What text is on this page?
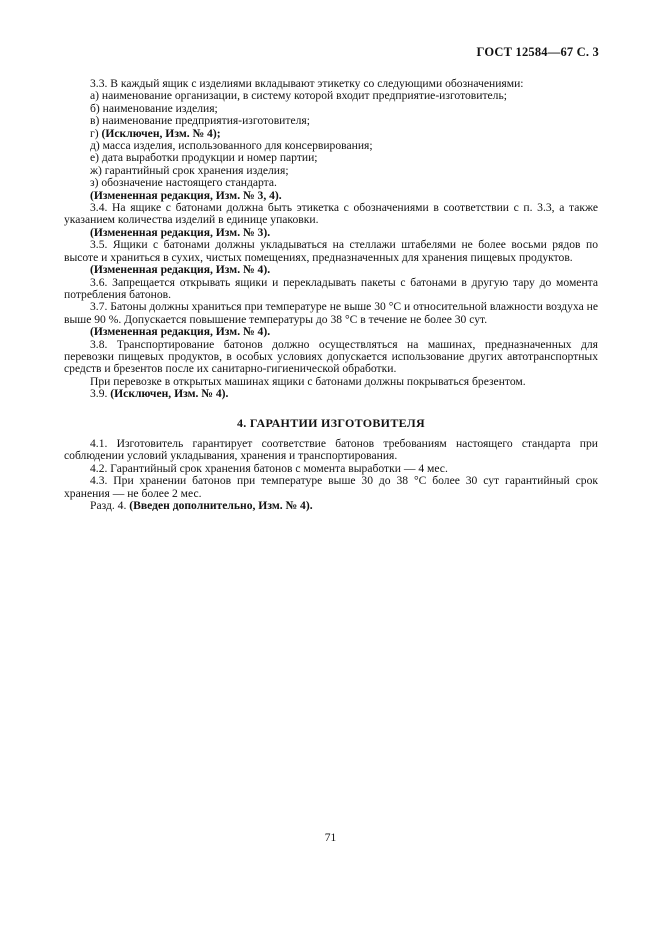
ГОСТ 12584—67 С. 3

3.3. В каждый ящик с изделиями вкладывают этикетку со следующими обозначениями:

а) наименование организации, в систему которой входит предприятие-изготовитель;

б) наименование изделия;

в) наименование предприятия-изготовителя;

г) (Исключен, Изм. № 4);

д) масса изделия, использованного для консервирования;

е) дата выработки продукции и номер партии;

ж) гарантийный срок хранения изделия;

з) обозначение настоящего стандарта.

(Измененная редакция, Изм. № 3, 4).

3.4. На ящике с батонами должна быть этикетка с обозначениями в соответствии с п. 3.3, а также указанием количества изделий в единице упаковки.

(Измененная редакция, Изм. № 3).

3.5. Ящики с батонами должны укладываться на стеллажи штабелями не более восьми рядов по высоте и храниться в сухих, чистых помещениях, предназначенных для хранения пищевых продуктов.

(Измененная редакция, Изм. № 4).

3.6. Запрещается открывать ящики и перекладывать пакеты с батонами в другую тару до момента потребления батонов.

3.7. Батоны должны храниться при температуре не выше 30 °С и относительной влажности воздуха не выше 90 %. Допускается повышение температуры до 38 °С в течение не более 30 сут.

(Измененная редакция, Изм. № 4).

3.8. Транспортирование батонов должно осуществляться на машинах, предназначенных для перевозки пищевых продуктов, в особых условиях допускается использование других автотранспортных средств и брезентов после их санитарно-гигиенической обработки.

При перевозке в открытых машинах ящики с батонами должны покрываться брезентом.

3.9. (Исключен, Изм. № 4).

4. ГАРАНТИИ ИЗГОТОВИТЕЛЯ

4.1. Изготовитель гарантирует соответствие батонов требованиям настоящего стандарта при соблюдении условий укладывания, хранения и транспортирования.

4.2. Гарантийный срок хранения батонов с момента выработки — 4 мес.

4.3. При хранении батонов при температуре выше 30 до 38 °С более 30 сут гарантийный срок хранения — не более 2 мес.

Разд. 4. (Введен дополнительно, Изм. № 4).

71
